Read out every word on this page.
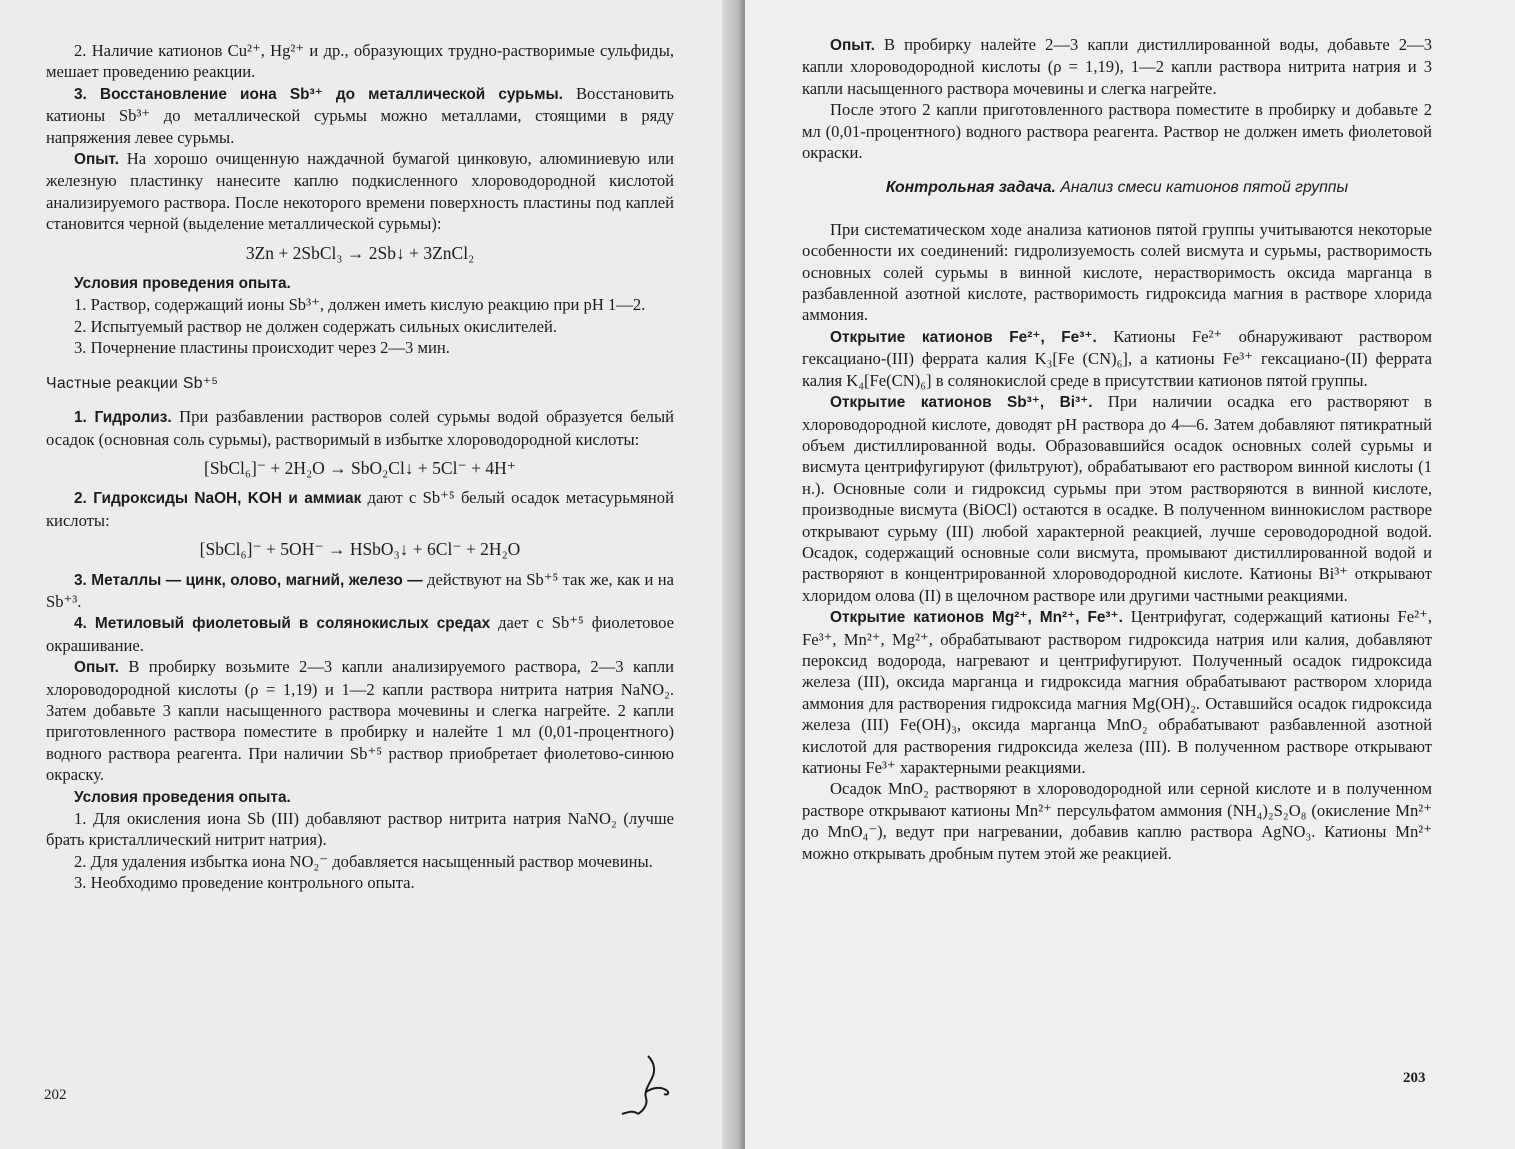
2. Наличие катионов Cu²⁺, Hg²⁺ и др., образующих трудно-растворимые сульфиды, мешает проведению реакции.

3. Восстановление иона Sb³⁺ до металлической сурьмы. Восстановить катионы Sb³⁺ до металлической сурьмы можно металлами, стоящими в ряду напряжения левее сурьмы.

Опыт. На хорошо очищенную наждачной бумагой цинковую, алюминиевую или железную пластинку нанесите каплю подкисленного хлороводородной кислотой анализируемого раствора. После некоторого времени поверхность пластины под каплей становится черной (выделение металлической сурьмы):

3Zn + 2SbCl₃ → 2Sb↓ + 3ZnCl₂

Условия проведения опыта.

1. Раствор, содержащий ионы Sb³⁺, должен иметь кислую реакцию при pH 1—2.

2. Испытуемый раствор не должен содержать сильных окислителей.

3. Почернение пластины происходит через 2—3 мин.

Частные реакции Sb⁺⁵

1. Гидролиз. При разбавлении растворов солей сурьмы водой образуется белый осадок (основная соль сурьмы), растворимый в избытке хлороводородной кислоты:

[SbCl₆]⁻ + 2H₂O → SbO₂Cl↓ + 5Cl⁻ + 4H⁺

2. Гидроксиды NaOH, KOH и аммиак дают с Sb⁺⁵ белый осадок метасурьмяной кислоты:

[SbCl₆]⁻ + 5OH⁻ → HSbO₃↓ + 6Cl⁻ + 2H₂O

3. Металлы — цинк, олово, магний, железо — действуют на Sb⁺⁵ так же, как и на Sb⁺³.

4. Метиловый фиолетовый в солянокислых средах дает с Sb⁺⁵ фиолетовое окрашивание.

Опыт. В пробирку возьмите 2—3 капли анализируемого раствора, 2—3 капли хлороводородной кислоты (ρ = 1,19) и 1—2 капли раствора нитрита натрия NaNO₂. Затем добавьте 3 капли насыщенного раствора мочевины и слегка нагрейте. 2 капли приготовленного раствора поместите в пробирку и налейте 1 мл (0,01-процентного) водного раствора реагента. При наличии Sb⁺⁵ раствор приобретает фиолетово-синюю окраску.

Условия проведения опыта.

1. Для окисления иона Sb (III) добавляют раствор нитрита натрия NaNO₂ (лучше брать кристаллический нитрит натрия).

2. Для удаления избытка иона NO₂⁻ добавляется насыщенный раствор мочевины.

3. Необходимо проведение контрольного опыта.

202

Опыт. В пробирку налейте 2—3 капли дистиллированной воды, добавьте 2—3 капли хлороводородной кислоты (ρ = 1,19), 1—2 капли раствора нитрита натрия и 3 капли насыщенного раствора мочевины и слегка нагрейте.

После этого 2 капли приготовленного раствора поместите в пробирку и добавьте 2 мл (0,01-процентного) водного раствора реагента. Раствор не должен иметь фиолетовой окраски.

Контрольная задача. Анализ смеси катионов пятой группы

При систематическом ходе анализа катионов пятой группы учитываются некоторые особенности их соединений: гидролизуемость солей висмута и сурьмы, растворимость основных солей сурьмы в винной кислоте, нерастворимость оксида марганца в разбавленной азотной кислоте, растворимость гидроксида магния в растворе хлорида аммония.

Открытие катионов Fe²⁺, Fe³⁺. Катионы Fe²⁺ обнаруживают раствором гексациано-(III) феррата калия K₃[Fe (CN)₆], а катионы Fe³⁺ гексациано-(II) феррата калия K₄[Fe(CN)₆] в солянокислой среде в присутствии катионов пятой группы.

Открытие катионов Sb³⁺, Bi³⁺. При наличии осадка его растворяют в хлороводородной кислоте, доводят pH раствора до 4—6. Затем добавляют пятикратный объем дистиллированной воды. Образовавшийся осадок основных солей сурьмы и висмута центрифугируют (фильтруют), обрабатывают его раствором винной кислоты (1 н.). Основные соли и гидроксид сурьмы при этом растворяются в винной кислоте, производные висмута (BiOCl) остаются в осадке. В полученном виннокислом растворе открывают сурьму (III) любой характерной реакцией, лучше сероводородной водой. Осадок, содержащий основные соли висмута, промывают дистиллированной водой и растворяют в концентрированной хлороводородной кислоте. Катионы Bi³⁺ открывают хлоридом олова (II) в щелочном растворе или другими частными реакциями.

Открытие катионов Mg²⁺, Mn²⁺, Fe³⁺. Центрифугат, содержащий катионы Fe²⁺, Fe³⁺, Mn²⁺, Mg²⁺, обрабатывают раствором гидроксида натрия или калия, добавляют пероксид водорода, нагревают и центрифугируют. Полученный осадок гидроксида железа (III), оксида марганца и гидроксида магния обрабатывают раствором хлорида аммония для растворения гидроксида магния Mg(OH)₂. Оставшийся осадок гидроксида железа (III) Fe(OH)₃, оксида марганца MnO₂ обрабатывают разбавленной азотной кислотой для растворения гидроксида железа (III). В полученном растворе открывают катионы Fe³⁺ характерными реакциями.

Осадок MnO₂ растворяют в хлороводородной или серной кислоте и в полученном растворе открывают катионы Mn²⁺ персульфатом аммония (NH₄)₂S₂O₈ (окисление Mn²⁺ до MnO₄⁻), ведут при нагревании, добавив каплю раствора AgNO₃. Катионы Mn²⁺ можно открывать дробным путем этой же реакцией.

203
